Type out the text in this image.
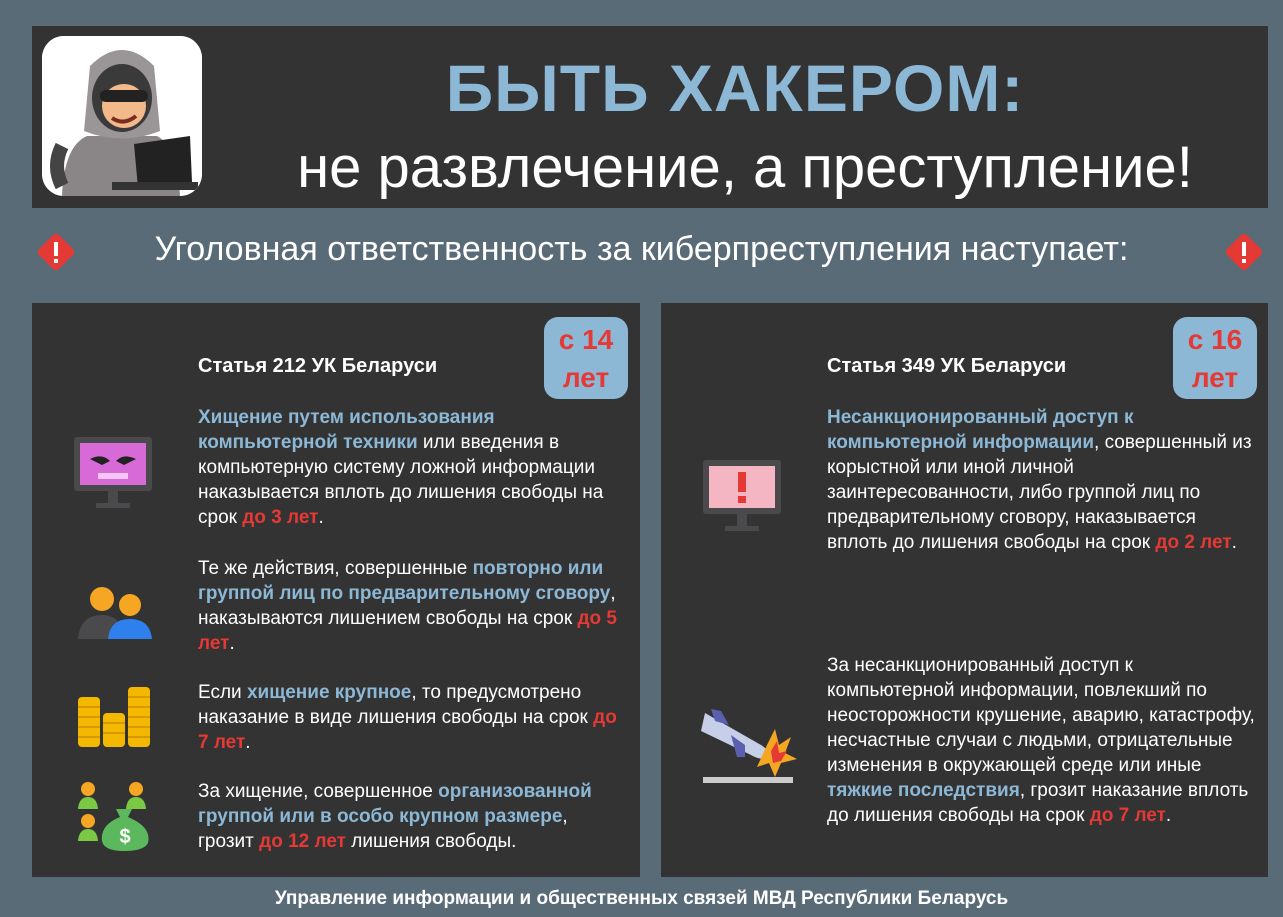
БЫТЬ ХАКЕРОМ:
не развлечение, а преступление!
Уголовная ответственность за киберпреступления наступает:
с 14
лет
Статья 212 УК Беларуси

Хищение путем использования компьютерной техники или введения в компьютерную систему ложной информации наказывается вплоть до лишения свободы на срок до 3 лет.

Те же действия, совершенные повторно или группой лиц по предварительному сговору, наказываются лишением свободы на срок до 5 лет.

Если хищение крупное, то предусмотрено наказание в виде лишения свободы на срок до 7 лет.

$

За хищение, совершенное организованной группой или в особо крупном размере, грозит до 12 лет лишения свободы.

с 16
лет
Статья 349 УК Беларуси

Несанкционированный доступ к компьютерной информации, совершенный из корыстной или иной личной заинтересованности, либо группой лиц по предварительному сговору, наказывается вплоть до лишения свободы на срок до 2 лет.

За несанкционированный доступ к компьютерной информации, повлекший по неосторожности крушение, аварию, катастрофу, несчастные случаи с людьми, отрицательные изменения в окружающей среде или иные тяжкие последствия, грозит наказание вплоть до лишения свободы на срок до 7 лет.

Управление информации и общественных связей МВД Республики Беларусь
